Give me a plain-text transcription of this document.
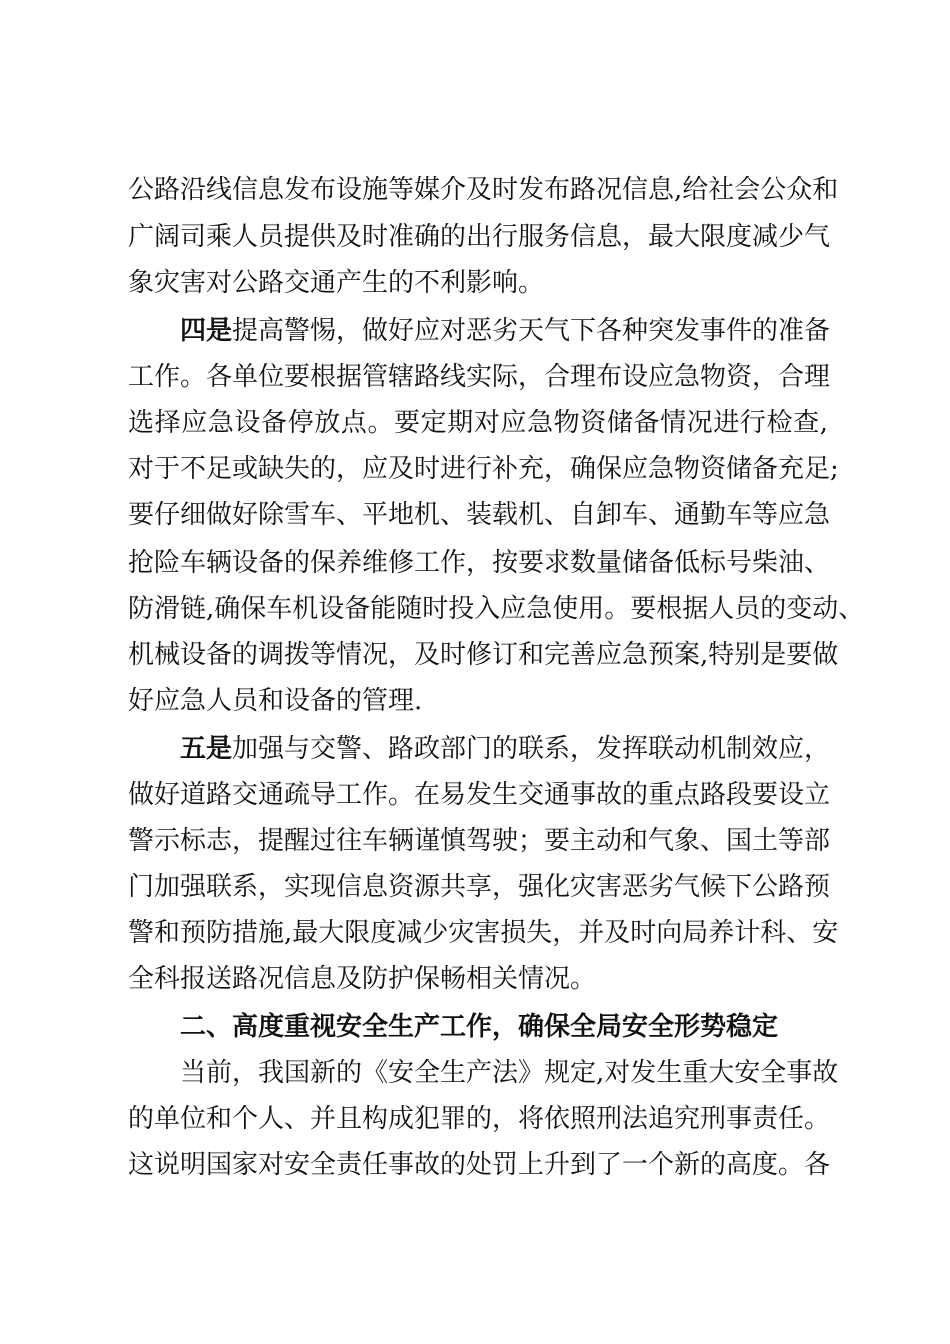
公路沿线信息发布设施等媒介及时发布路况信息,给社会公众和
广阔司乘人员提供及时准确的出行服务信息，最大限度减少气
象灾害对公路交通产生的不利影响。
四是提高警惕，做好应对恶劣天气下各种突发事件的准备
工作。各单位要根据管辖路线实际，合理布设应急物资，合理
选择应急设备停放点。要定期对应急物资储备情况进行检查,
对于不足或缺失的，应及时进行补充，确保应急物资储备充足;
要仔细做好除雪车、平地机、装载机、自卸车、通勤车等应急
抢险车辆设备的保养维修工作，按要求数量储备低标号柴油、
防滑链,确保车机设备能随时投入应急使用。要根据人员的变动、
机械设备的调拨等情况，及时修订和完善应急预案,特别是要做
好应急人员和设备的管理.
五是加强与交警、路政部门的联系，发挥联动机制效应，
做好道路交通疏导工作。在易发生交通事故的重点路段要设立
警示标志，提醒过往车辆谨慎驾驶；要主动和气象、国土等部
门加强联系，实现信息资源共享，强化灾害恶劣气候下公路预
警和预防措施,最大限度减少灾害损失，并及时向局养计科、安
全科报送路况信息及防护保畅相关情况。
二、高度重视安全生产工作，确保全局安全形势稳定
当前，我国新的《安全生产法》规定,对发生重大安全事故
的单位和个人、并且构成犯罪的，将依照刑法追究刑事责任。
这说明国家对安全责任事故的处罚上升到了一个新的高度。各
